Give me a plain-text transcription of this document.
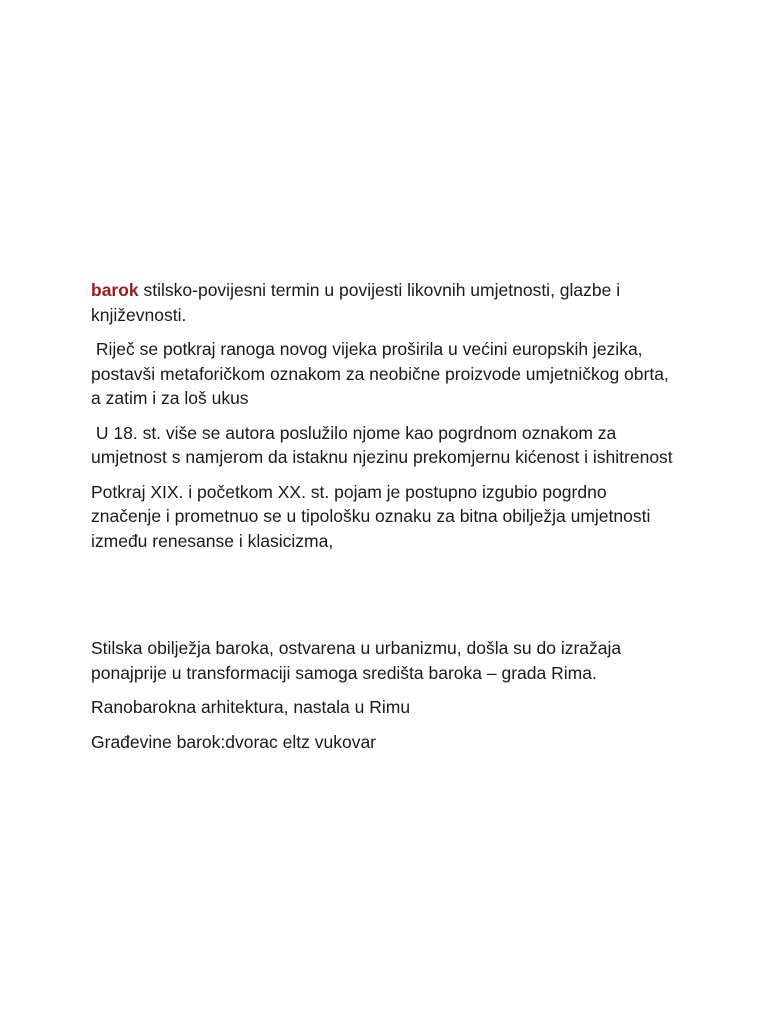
barok stilsko-povijesni termin u povijesti likovnih umjetnosti, glazbe i književnosti.

Riječ se potkraj ranoga novog vijeka proširila u većini europskih jezika, postavši metaforičkom oznakom za neobične proizvode umjetničkog obrta, a zatim i za loš ukus

U 18. st. više se autora poslužilo njome kao pogrdnom oznakom za umjetnost s namjerom da istaknu njezinu prekomjernu kićenost i ishitrenost

Potkraj XIX. i početkom XX. st. pojam je postupno izgubio pogrdno značenje i prometnuo se u tipološku oznaku za bitna obilježja umjetnosti između renesanse i klasicizma,

Stilska obilježja baroka, ostvarena u urbanizmu, došla su do izražaja ponajprije u transformaciji samoga središta baroka – grada Rima.

Ranobarokna arhitektura, nastala u Rimu

Građevine barok:dvorac eltz vukovar
